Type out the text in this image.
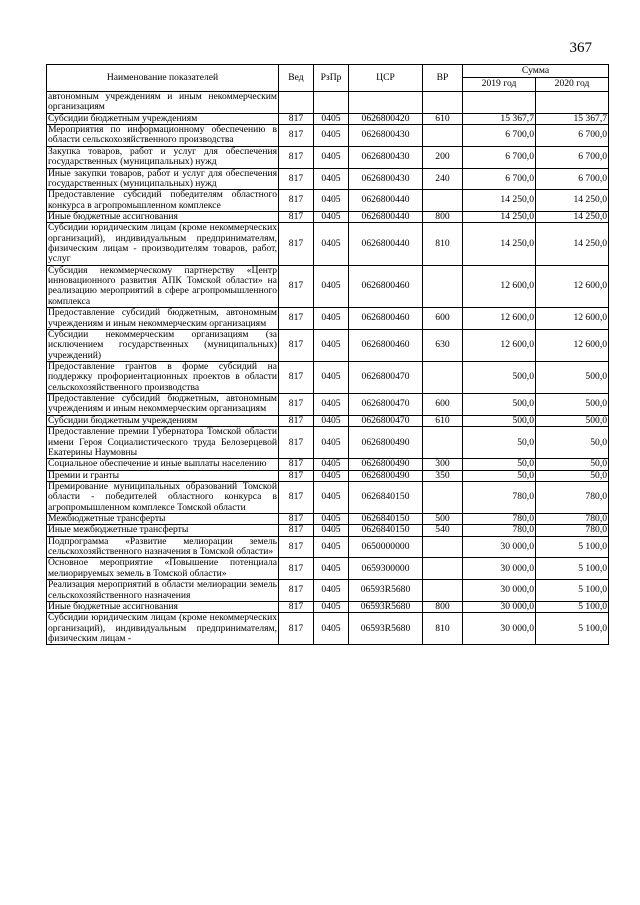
367
Наименование показателей	Вед	РзПр	ЦСР	ВР	Сумма	
					2019 год	2020 год
автономным учреждениям и иным некоммерческим организациям						
Субсидии бюджетным учреждениям	817	0405	0626800420	610	15 367,7	15 367,7
Мероприятия по информационному обеспечению в области сельскохозяйственного производства	817	0405	0626800430		6 700,0	6 700,0
Закупка товаров, работ и услуг для обеспечения государственных (муниципальных) нужд	817	0405	0626800430	200	6 700,0	6 700,0
Иные закупки товаров, работ и услуг для обеспечения государственных (муниципальных) нужд	817	0405	0626800430	240	6 700,0	6 700,0
Предоставление субсидий победителям областного конкурса в агропромышленном комплексе	817	0405	0626800440		14 250,0	14 250,0
Иные бюджетные ассигнования	817	0405	0626800440	800	14 250,0	14 250,0
Субсидии юридическим лицам (кроме некоммерческих организаций), индивидуальным предпринимателям, физическим лицам - производителям товаров, работ, услуг	817	0405	0626800440	810	14 250,0	14 250,0
Субсидия некоммерческому партнерству «Центр инновационного развития АПК Томской области» на реализацию мероприятий в сфере агропромышленного комплекса	817	0405	0626800460		12 600,0	12 600,0
Предоставление субсидий бюджетным, автономным учреждениям и иным некоммерческим организациям	817	0405	0626800460	600	12 600,0	12 600,0
Субсидии некоммерческим организациям (за исключением государственных (муниципальных) учреждений)	817	0405	0626800460	630	12 600,0	12 600,0
Предоставление грантов в форме субсидий на поддержку профориентационных проектов в области сельскохозяйственного производства	817	0405	0626800470		500,0	500,0
Предоставление субсидий бюджетным, автономным учреждениям и иным некоммерческим организациям	817	0405	0626800470	600	500,0	500,0
Субсидии бюджетным учреждениям	817	0405	0626800470	610	500,0	500,0
Предоставление премии Губернатора Томской области имени Героя Социалистического труда Белозерцевой Екатерины Наумовны	817	0405	0626800490		50,0	50,0
Социальное обеспечение и иные выплаты населению	817	0405	0626800490	300	50,0	50,0
Премии и гранты	817	0405	0626800490	350	50,0	50,0
Премирование муниципальных образований Томской области - победителей областного конкурса в агропромышленном комплексе Томской области	817	0405	0626840150		780,0	780,0
Межбюджетные трансферты	817	0405	0626840150	500	780,0	780,0
Иные межбюджетные трансферты	817	0405	0626840150	540	780,0	780,0
Подпрограмма «Развитие мелиорации земель сельскохозяйственного назначения в Томской области»	817	0405	0650000000		30 000,0	5 100,0
Основное мероприятие «Повышение потенциала мелиорируемых земель в Томской области»	817	0405	0659300000		30 000,0	5 100,0
Реализация мероприятий в области мелиорации земель сельскохозяйственного назначения	817	0405	06593R5680		30 000,0	5 100,0
Иные бюджетные ассигнования	817	0405	06593R5680	800	30 000,0	5 100,0
Субсидии юридическим лицам (кроме некоммерческих организаций), индивидуальным предпринимателям, физическим лицам -	817	0405	06593R5680	810	30 000,0	5 100,0
